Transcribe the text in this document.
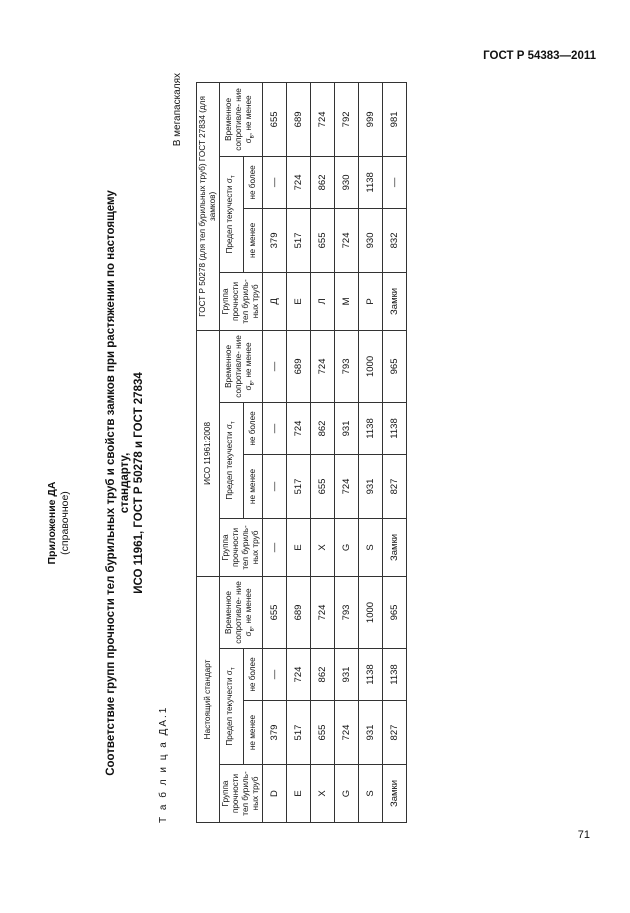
ГОСТ Р 54383—2011
Приложение ДА (справочное)	Соответствие групп прочности тел бурильных труб и свойств замков при растяжении по настоящему стандарту, ИСО 11961, ГОСТ Р 50278 и ГОСТ 27834
Т а б л и ц а ДА.1
В мегапаскалях
Настоящий стандарт				ИСО 11961:2008				ГОСТ Р 50278 (для тел бурильных труб) ГОСТ 27834 (для замков)			
Группа прочности тел буриль- ных труб	Предел текучести $\sigma_т$		Временное сопротивле- ние $\sigma_в$, не менее	Группа прочности тел буриль- ных труб	Предел текучести $\sigma_т$		Временное сопротивле- ние $\sigma_в$, не менее	Группа прочности тел буриль- ных труб	Предел текучести $\sigma_т$		Временное сопротивле- ние $\sigma_в$, не менее
	не менее	не более			не менее	не более			не менее	не более	
D	379	—	655	—	—	—	—	Д	379	—	655
E	517	724	689	E	517	724	689	E	517	724	689
X	655	862	724	X	655	862	724	Л	655	862	724
G	724	931	793	G	724	931	793	M	724	930	792
S	931	1138	1000	S	931	1138	1000	P	930	1138	999
Замки	827	1138	965	Замки	827	1138	965	Замки	832	—	981
71
